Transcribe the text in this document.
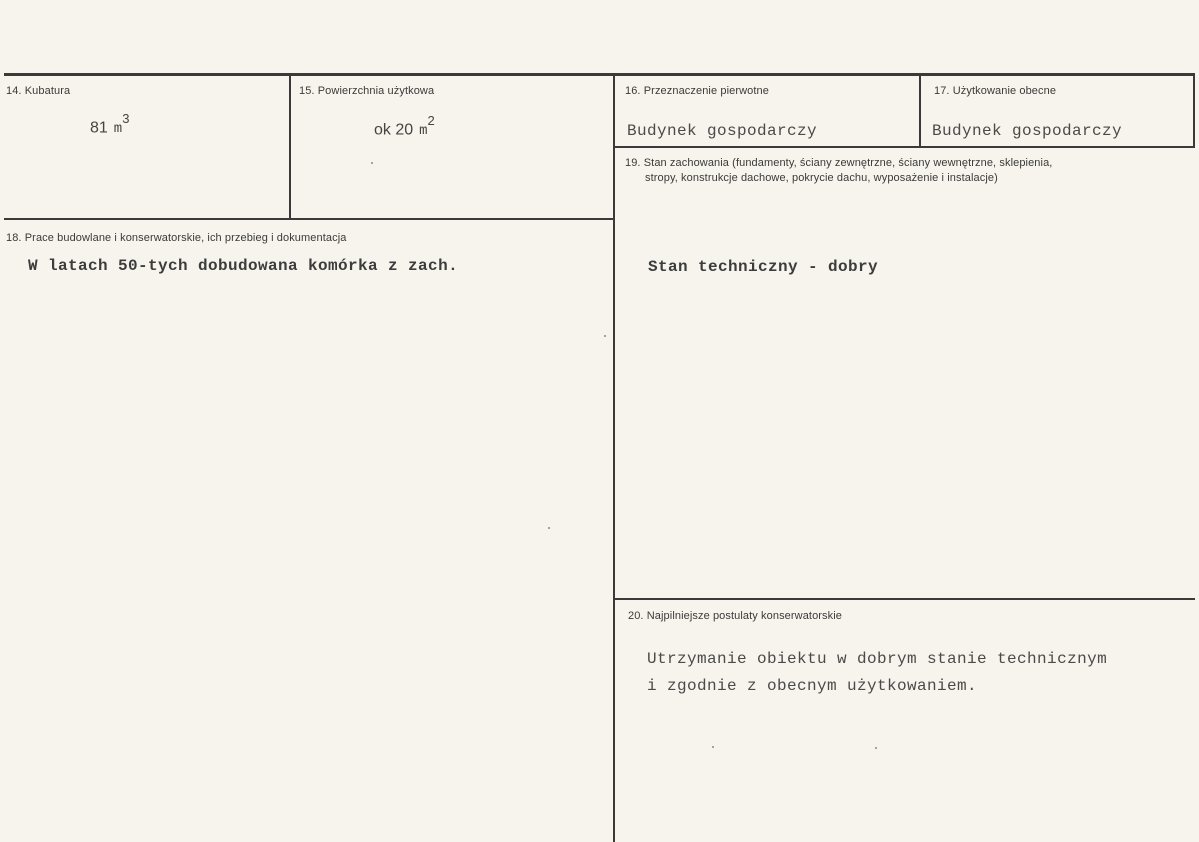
14. Kubatura
81 $m^3$
15. Powierzchnia użytkowa
ok 20 $m^2$
16. Przeznaczenie pierwotne
Budynek gospodarczy
17. Użytkowanie obecne
Budynek gospodarczy
18. Prace budowlane i konserwatorskie, ich przebieg i dokumentacja
W latach 50-tych dobudowana komórka z zach.
19. Stan zachowania (fundamenty, ściany zewnętrzne, ściany wewnętrzne, sklepienia,
stropy, konstrukcje dachowe, pokrycie dachu, wyposażenie i instalacje)
Stan techniczny - dobry
20. Najpilniejsze postulaty konserwatorskie
Utrzymanie obiektu w dobrym stanie technicznym
i zgodnie z obecnym użytkowaniem.
